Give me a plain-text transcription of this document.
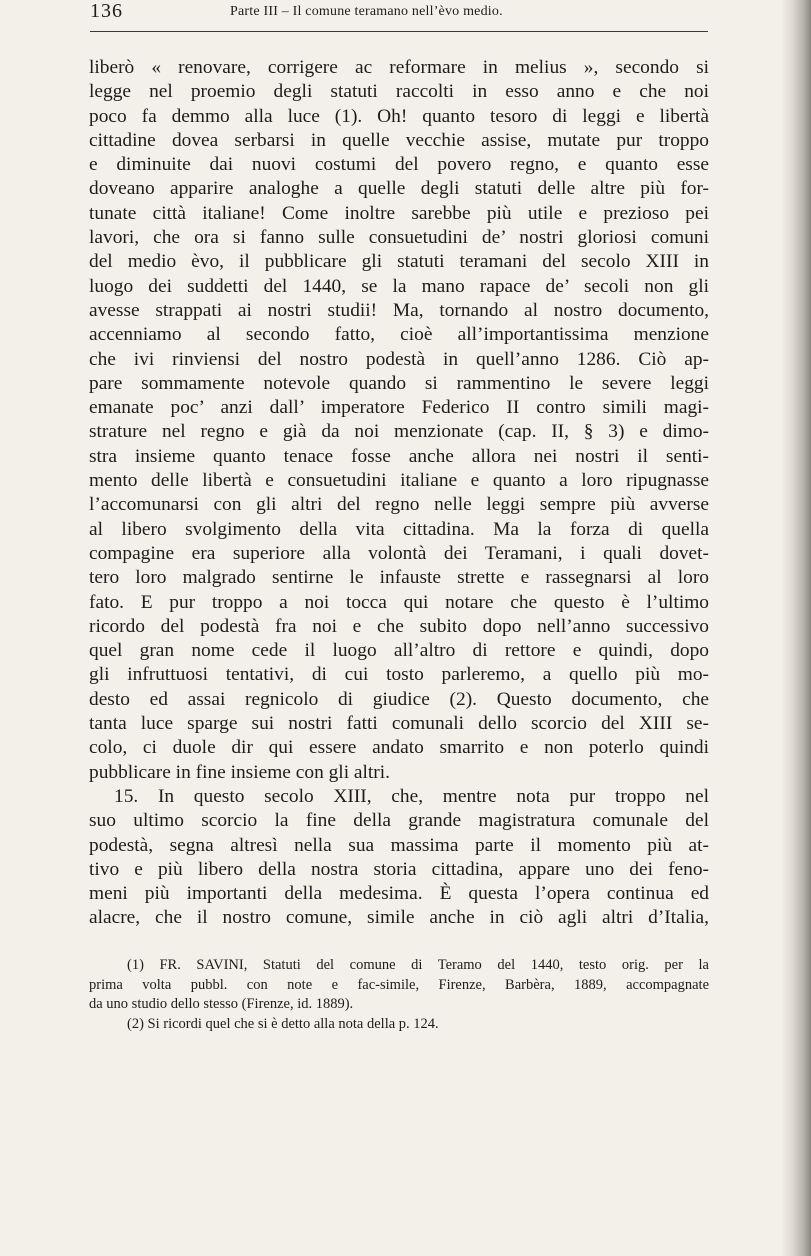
136	Parte III – Il comune teramano nell’èvo medio.
liberò « renovare, corrigere ac reformare in melius », secondo si
legge nel proemio degli statuti raccolti in esso anno e che noi
poco fa demmo alla luce (1). Oh! quanto tesoro di leggi e libertà
cittadine dovea serbarsi in quelle vecchie assise, mutate pur troppo
e diminuite dai nuovi costumi del povero regno, e quanto esse
doveano apparire analoghe a quelle degli statuti delle altre più for-
tunate città italiane! Come inoltre sarebbe più utile e prezioso pei
lavori, che ora si fanno sulle consuetudini de’ nostri gloriosi comuni
del medio èvo, il pubblicare gli statuti teramani del secolo XIII in
luogo dei suddetti del 1440, se la mano rapace de’ secoli non gli
avesse strappati ai nostri studii! Ma, tornando al nostro documento,
accenniamo al secondo fatto, cioè all’importantissima menzione
che ivi rinviensi del nostro podestà in quell’anno 1286. Ciò ap-
pare sommamente notevole quando si rammentino le severe leggi
emanate poc’ anzi dall’ imperatore Federico II contro simili magi-
strature nel regno e già da noi menzionate (cap. II, § 3) e dimo-
stra insieme quanto tenace fosse anche allora nei nostri il senti-
mento delle libertà e consuetudini italiane e quanto a loro ripugnasse
l’accomunarsi con gli altri del regno nelle leggi sempre più avverse
al libero svolgimento della vita cittadina. Ma la forza di quella
compagine era superiore alla volontà dei Teramani, i quali dovet-
tero loro malgrado sentirne le infauste strette e rassegnarsi al loro
fato. E pur troppo a noi tocca qui notare che questo è l’ultimo
ricordo del podestà fra noi e che subito dopo nell’anno successivo
quel gran nome cede il luogo all’altro di rettore e quindi, dopo
gli infruttuosi tentativi, di cui tosto parleremo, a quello più mo-
desto ed assai regnicolo di giudice (2). Questo documento, che
tanta luce sparge sui nostri fatti comunali dello scorcio del XIII se-
colo, ci duole dir qui essere andato smarrito e non poterlo quindi
pubblicare in fine insieme con gli altri.
15. In questo secolo XIII, che, mentre nota pur troppo nel
suo ultimo scorcio la fine della grande magistratura comunale del
podestà, segna altresì nella sua massima parte il momento più at-
tivo e più libero della nostra storia cittadina, appare uno dei feno-
meni più importanti della medesima. È questa l’opera continua ed
alacre, che il nostro comune, simile anche in ciò agli altri d’Italia,
(1) FR. SAVINI, Statuti del comune di Teramo del 1440, testo orig. per la
prima volta pubbl. con note e fac-simile, Firenze, Barbèra, 1889, accompagnate
da uno studio dello stesso (Firenze, id. 1889).
(2) Si ricordi quel che si è detto alla nota della p. 124.
